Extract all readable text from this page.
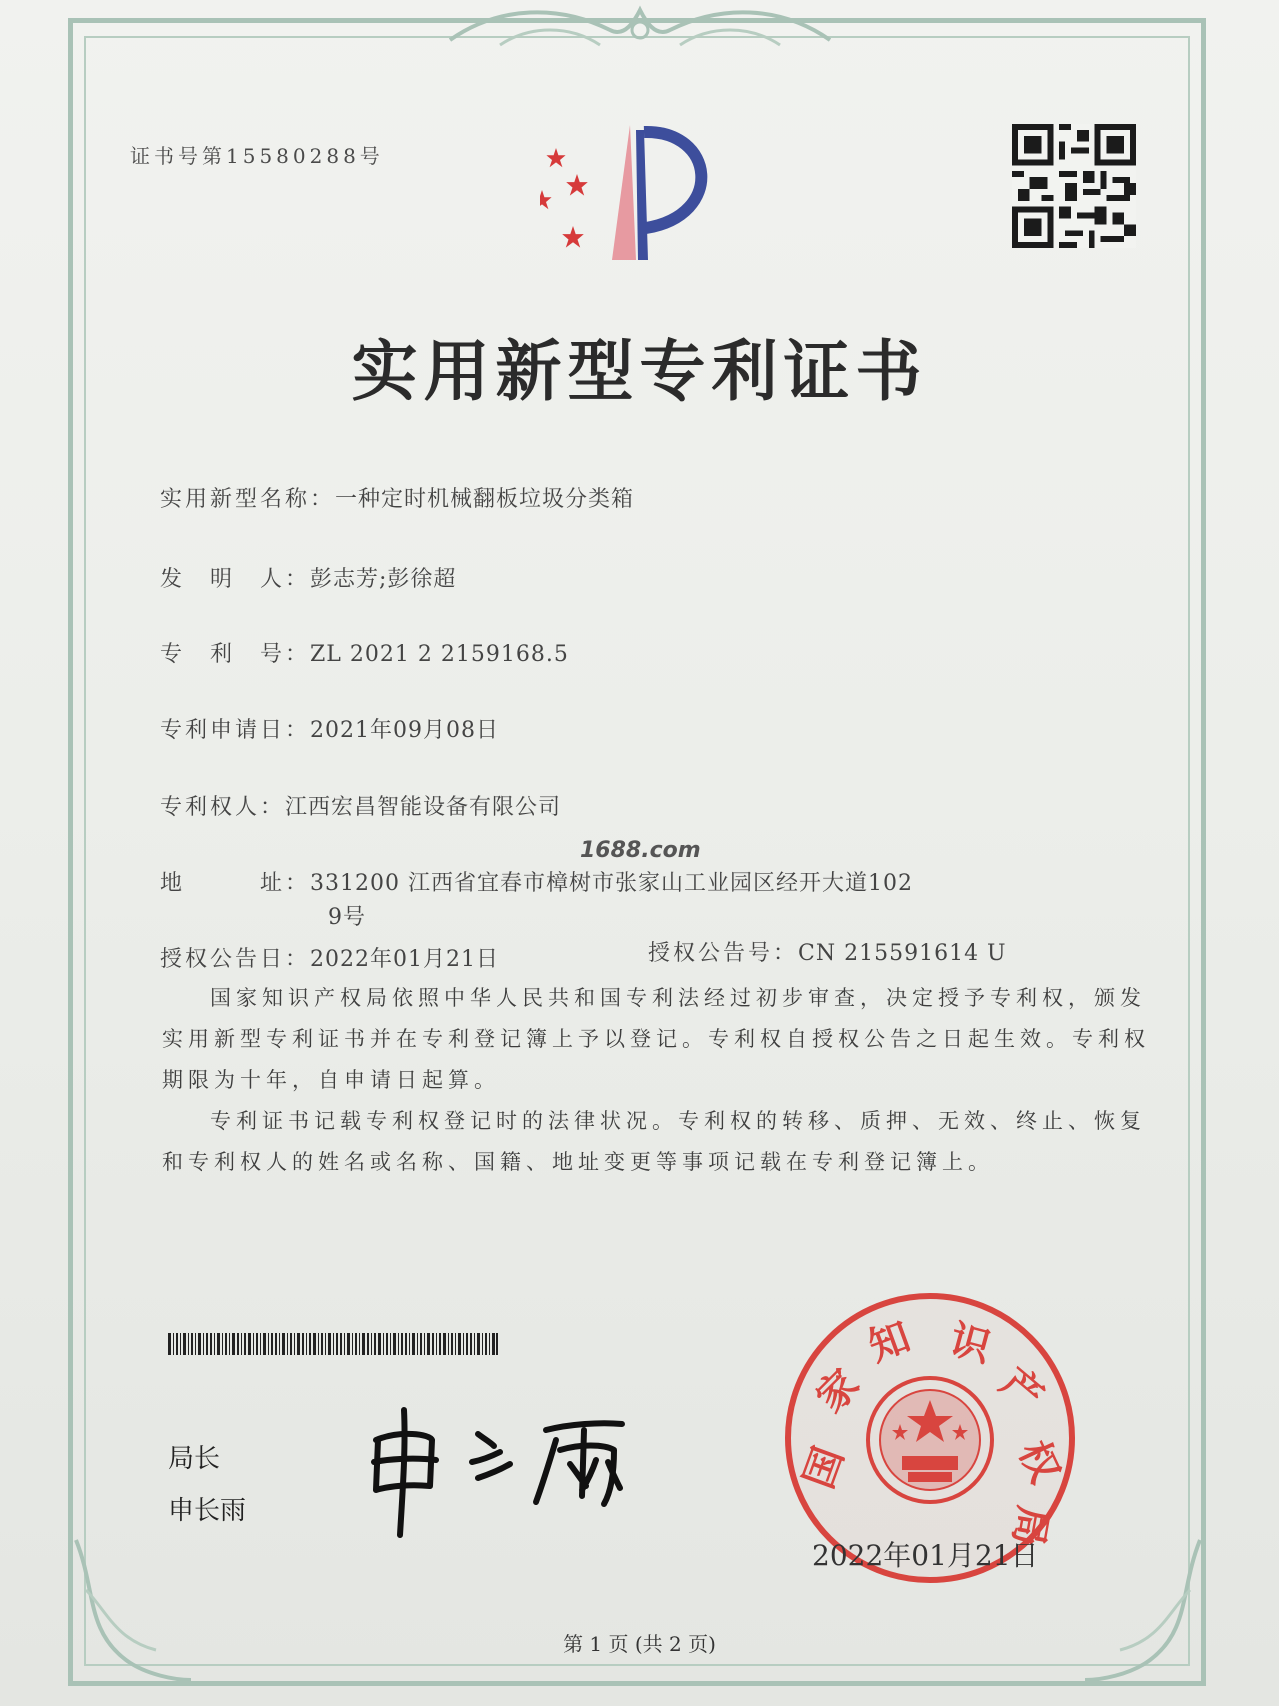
证书号第15580288号
实用新型专利证书
实用新型名称：一种定时机械翻板垃圾分类箱
发　明　人：彭志芳;彭徐超
专　利　号：ZL 2021 2 2159168.5
专利申请日：2021年09月08日
专利权人：江西宏昌智能设备有限公司
地　　　址：331200 江西省宜春市樟树市张家山工业园区经开大道102
9号
授权公告日：2022年01月21日	授权公告号：CN 215591614 U
1688.com

国家知识产权局依照中华人民共和国专利法经过初步审查，决定授予专利权，颁发实用新型专利证书并在专利登记簿上予以登记。专利权自授权公告之日起生效。专利权期限为十年，自申请日起算。

专利证书记载专利权登记时的法律状况。专利权的转移、质押、无效、终止、恢复和专利权人的姓名或名称、国籍、地址变更等事项记载在专利登记簿上。

局长
申长雨
国
家
知 识
产
权
局
2022年01月21日
第 1 页 (共 2 页)
